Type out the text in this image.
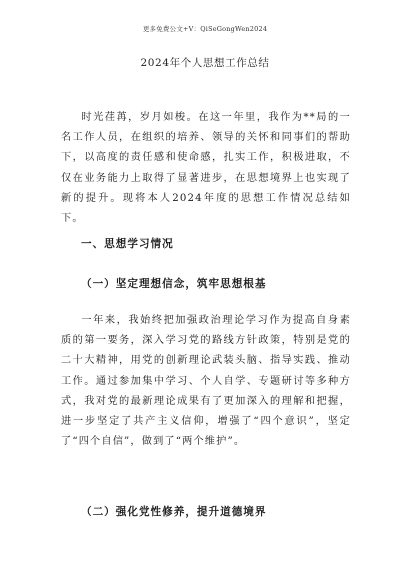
更多免费公文+V：QiSeGongWen2024
2024年个人思想工作总结

时光荏苒，岁月如梭。在这一年里，我作为**局的一名工作人员，在组织的培养、领导的关怀和同事们的帮助下，以高度的责任感和使命感，扎实工作，积极进取，不仅在业务能力上取得了显著进步，在思想境界上也实现了新的提升。现将本人2024年度的思想工作情况总结如下。

一、思想学习情况
（一）坚定理想信念，筑牢思想根基

一年来，我始终把加强政治理论学习作为提高自身素质的第一要务，深入学习党的路线方针政策，特别是党的二十大精神，用党的创新理论武装头脑、指导实践、推动工作。通过参加集中学习、个人自学、专题研讨等多种方式，我对党的最新理论成果有了更加深入的理解和把握，进一步坚定了共产主义信仰，增强了“四个意识”，坚定了“四个自信”，做到了“两个维护”。

（二）强化党性修养，提升道德境界
